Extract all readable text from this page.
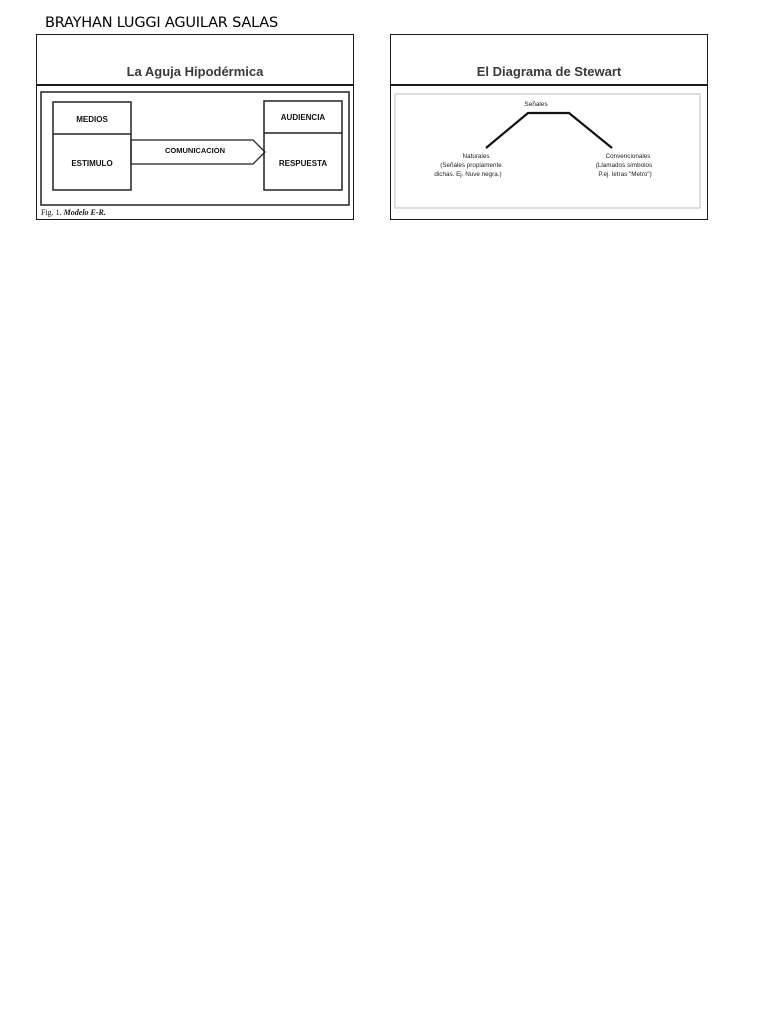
BRAYHAN LUGGI AGUILAR SALAS
La Aguja Hipodérmica
MEDIOS
ESTIMULO
COMUNICACION
AUDIENCIA
RESPUESTA
Fig. 1. Modelo E-R.
El Diagrama de Stewart
Señales
Naturales
(Señales propiamente
dichas. Ej. Nuve negra.)
Convencionales
(Llamados símbolos
P.ej. letras "Metro")
